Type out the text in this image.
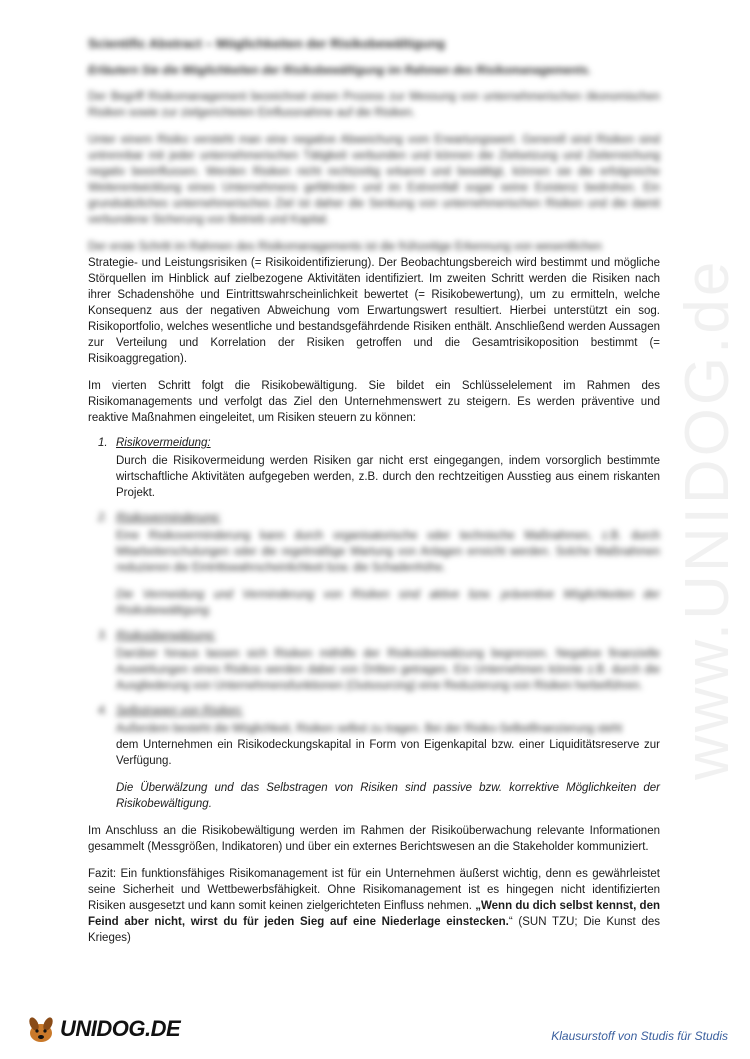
www.UNIDOG.de
Scientific Abstract – Möglichkeiten der Risikobewältigung
Erläutern Sie die Möglichkeiten der Risikobewältigung im Rahmen des Risikomanagements.

Der Begriff Risikomanagement bezeichnet einen Prozess zur Messung von unternehmerischen ökonomischen Risiken sowie zur zielgerichteten Einflussnahme auf die Risiken.

Unter einem Risiko versteht man eine negative Abweichung vom Erwartungswert. Generell sind Risiken sind untrennbar mit jeder unternehmerischen Tätigkeit verbunden und können die Zielsetzung und Zielerreichung negativ beeinflussen. Werden Risiken nicht rechtzeitig erkannt und bewältigt, können sie die erfolgreiche Weiterentwicklung eines Unternehmens gefährden und im Extremfall sogar seine Existenz bedrohen. Ein grundsätzliches unternehmerisches Ziel ist daher die Senkung von unternehmerischen Risiken und die damit verbundene Sicherung von Betrieb und Kapital.

Der erste Schritt im Rahmen des Risikomanagements ist die frühzeitige Erkennung von wesentlichen
Strategie- und Leistungsrisiken (= Risikoidentifizierung). Der Beobachtungsbereich wird bestimmt und mögliche Störquellen im Hinblick auf zielbezogene Aktivitäten identifiziert. Im zweiten Schritt werden die Risiken nach ihrer Schadenshöhe und Eintrittswahrscheinlichkeit bewertet (= Risikobewertung), um zu ermitteln, welche Konsequenz aus der negativen Abweichung vom Erwartungswert resultiert. Hierbei unterstützt ein sog. Risikoportfolio, welches wesentliche und bestandsgefährdende Risiken enthält. Anschließend werden Aussagen zur Verteilung und Korrelation der Risiken getroffen und die Gesamtrisikoposition bestimmt (= Risikoaggregation).

Im vierten Schritt folgt die Risikobewältigung. Sie bildet ein Schlüsselelement im Rahmen des Risikomanagements und verfolgt das Ziel den Unternehmenswert zu steigern. Es werden präventive und reaktive Maßnahmen eingeleitet, um Risiken steuern zu können:

1. Risikovermeidung:

Durch die Risikovermeidung werden Risiken gar nicht erst eingegangen, indem vorsorglich bestimmte wirtschaftliche Aktivitäten aufgegeben werden, z.B. durch den rechtzeitigen Ausstieg aus einem riskanten Projekt.

2. Risikoverminderung:

Eine Risikoverminderung kann durch organisatorische oder technische Maßnahmen, z.B. durch Mitarbeiterschulungen oder die regelmäßige Wartung von Anlagen erreicht werden. Solche Maßnahmen reduzieren die Eintrittswahrscheinlichkeit bzw. die Schadenhöhe.

Die Vermeidung und Verminderung von Risiken sind aktive bzw. präventive Möglichkeiten der Risikobewältigung.

3. Risikoüberwälzung:

Darüber hinaus lassen sich Risiken mithilfe der Risikoüberwälzung begrenzen. Negative finanzielle Auswirkungen eines Risikos werden dabei von Dritten getragen. Ein Unternehmen könnte z.B. durch die Ausgliederung von Unternehmensfunktionen (Outsourcing) eine Reduzierung von Risiken herbeiführen.

4. Selbstragen von Risiken:

Außerdem besteht die Möglichkeit, Risiken selbst zu tragen. Bei der Risiko-Selbstfinanzierung steht
dem Unternehmen ein Risikodeckungskapital in Form von Eigenkapital bzw. einer Liquiditätsreserve zur Verfügung.

Die Überwälzung und das Selbstragen von Risiken sind passive bzw. korrektive Möglichkeiten der Risikobewältigung.

Im Anschluss an die Risikobewältigung werden im Rahmen der Risikoüberwachung relevante Informationen gesammelt (Messgrößen, Indikatoren) und über ein externes Berichtswesen an die Stakeholder kommuniziert.

Fazit: Ein funktionsfähiges Risikomanagement ist für ein Unternehmen äußerst wichtig, denn es gewährleistet seine Sicherheit und Wettbewerbsfähigkeit. Ohne Risikomanagement ist es hingegen nicht identifizierten Risiken ausgesetzt und kann somit keinen zielgerichteten Einfluss nehmen. „Wenn du dich selbst kennst, den Feind aber nicht, wirst du für jeden Sieg auf eine Niederlage einstecken.“ (SUN TZU; Die Kunst des Krieges)

UNIDOG.DE	Klausurstoff von Studis für Studis
